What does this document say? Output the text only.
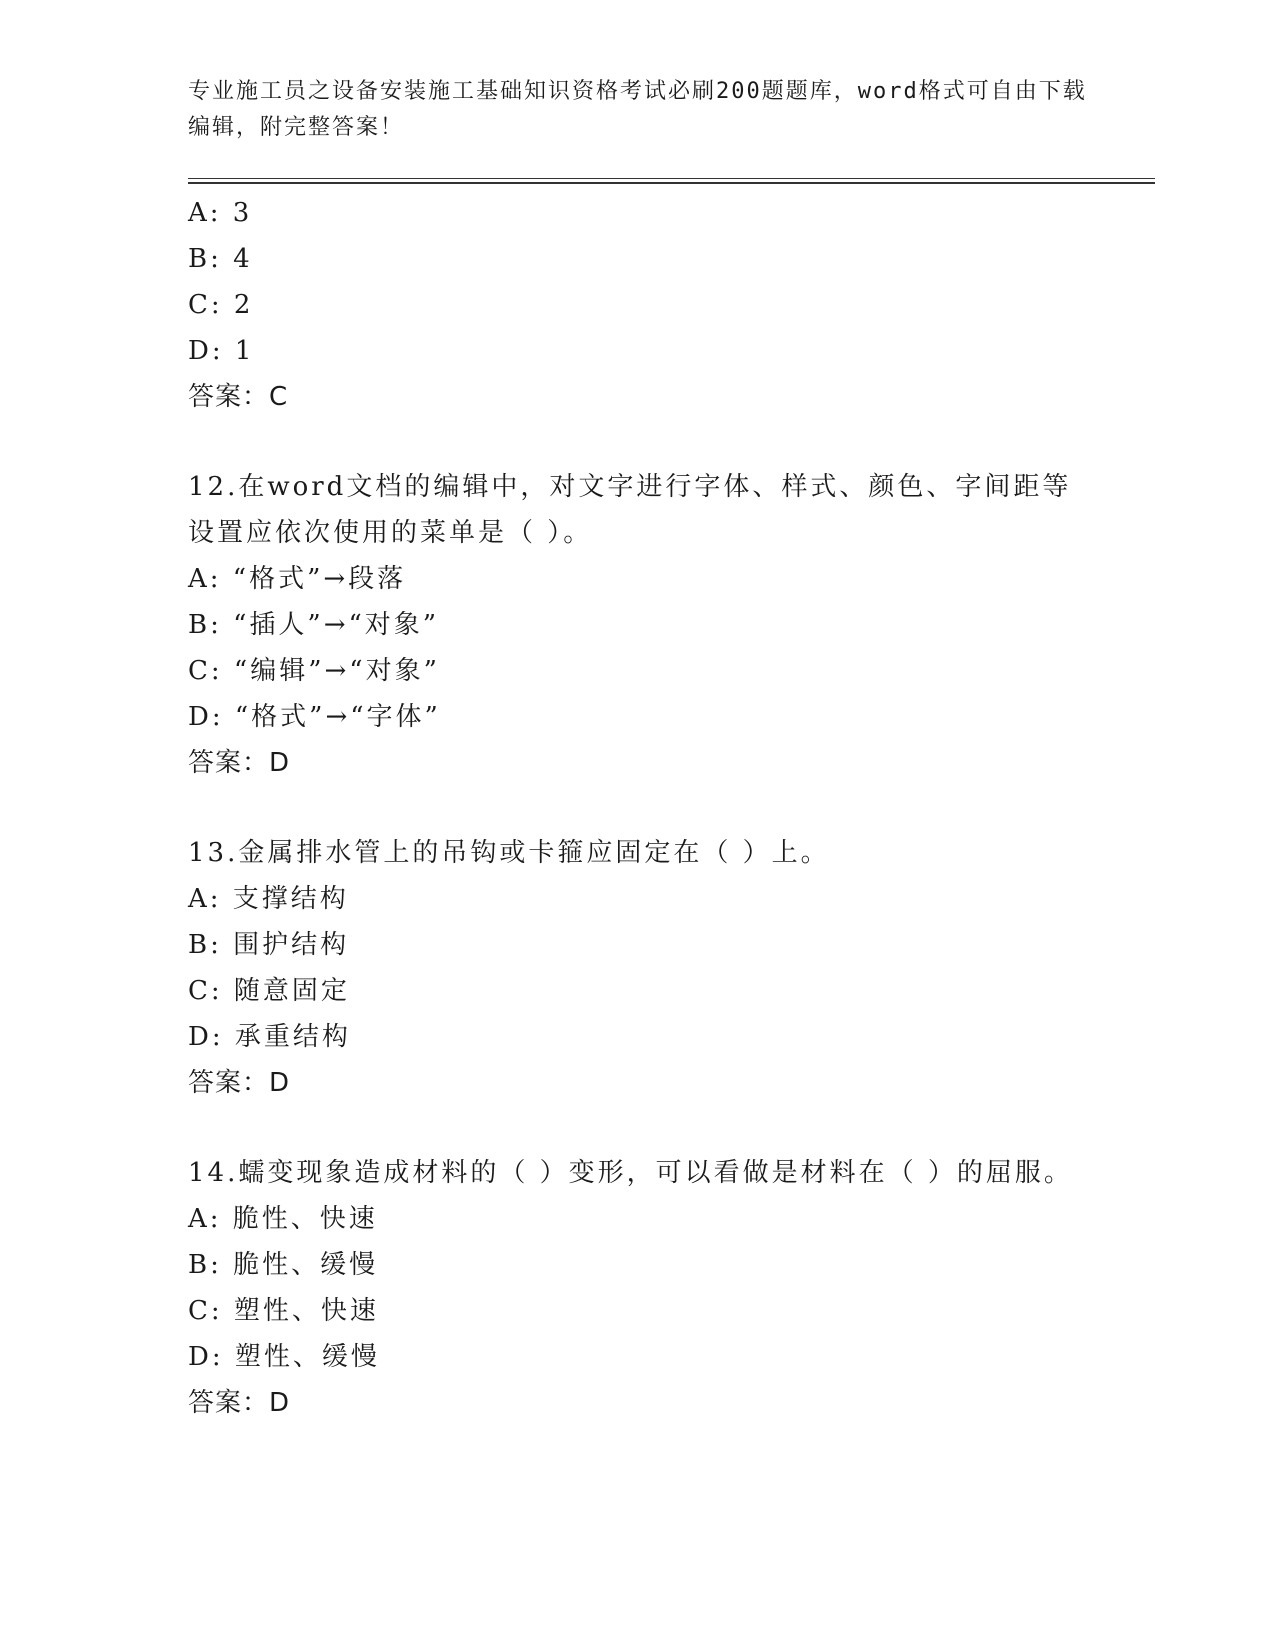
专业施工员之设备安装施工基础知识资格考试必刷200题题库，word格式可自由下载编辑，附完整答案！
A: 3
B: 4
C: 2
D: 1
答案：C
12.在word文档的编辑中，对文字进行字体、样式、颜色、字间距等设置应依次使用的菜单是（ ）。
A: “格式”→段落
B: “插人”→“对象”
C: “编辑”→“对象”
D: “格式”→“字体”
答案：D
13.金属排水管上的吊钩或卡箍应固定在（ ）上。
A: 支撑结构
B: 围护结构
C: 随意固定
D: 承重结构
答案：D
14.蠕变现象造成材料的（ ）变形，可以看做是材料在（ ）的屈服。
A: 脆性、快速
B: 脆性、缓慢
C: 塑性、快速
D: 塑性、缓慢
答案：D
